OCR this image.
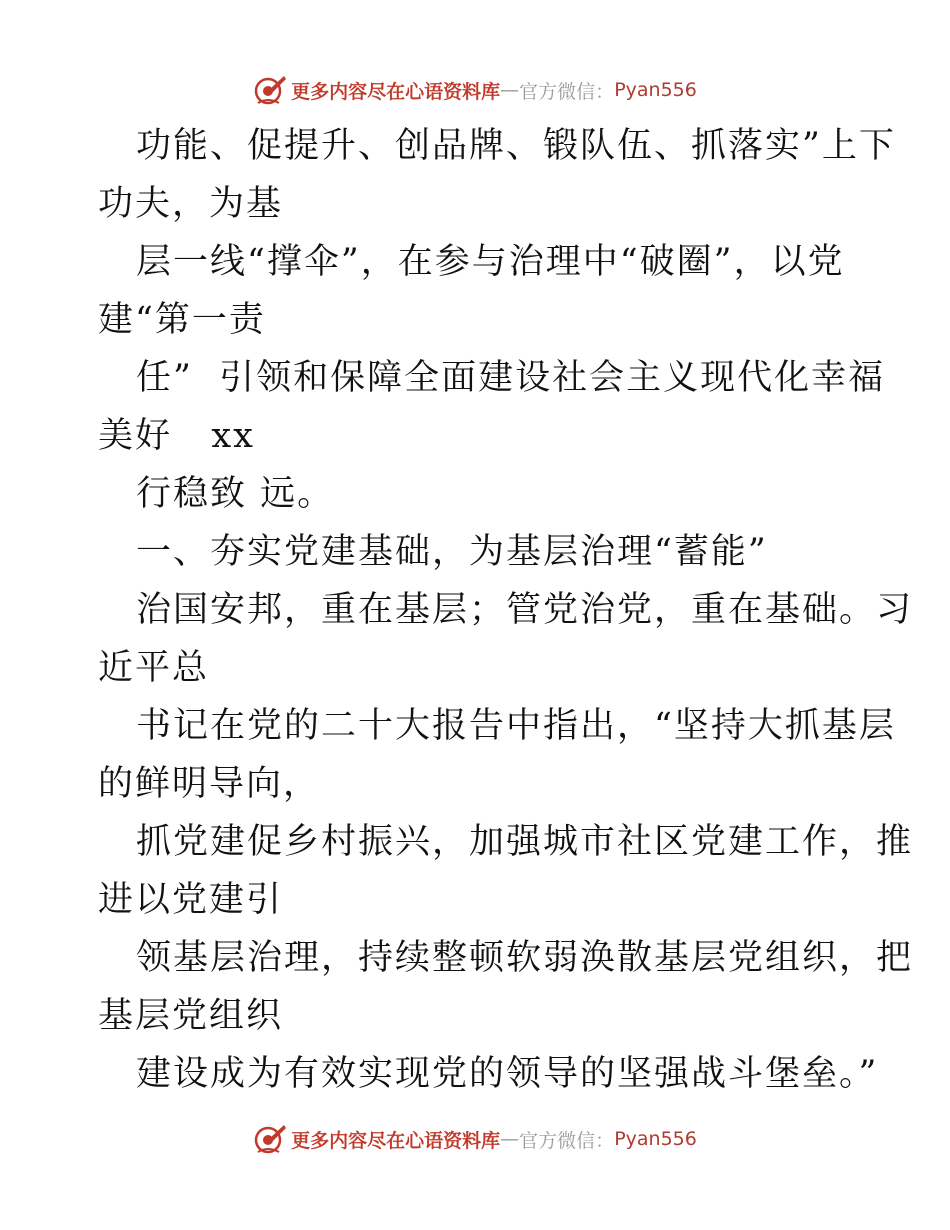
更多内容尽在心语资料库 — 官方微信： Pyan556
功能、促提升、创品牌、锻队伍、抓落实”上下
功夫，为基
层一线“撑伞”，在参与治理中“破圈”，以党
建“第一责
任”  引领和保障全面建设社会主义现代化幸福
美好   xx
行稳致 远。
一、夯实党建基础，为基层治理“蓄能”
治国安邦，重在基层；管党治党，重在基础。习
近平总
书记在党的二十大报告中指出，“坚持大抓基层
的鲜明导向，
抓党建促乡村振兴，加强城市社区党建工作，推
进以党建引
领基层治理，持续整顿软弱涣散基层党组织，把
基层党组织
建设成为有效实现党的领导的坚强战斗堡垒。”
更多内容尽在心语资料库 — 官方微信： Pyan556
